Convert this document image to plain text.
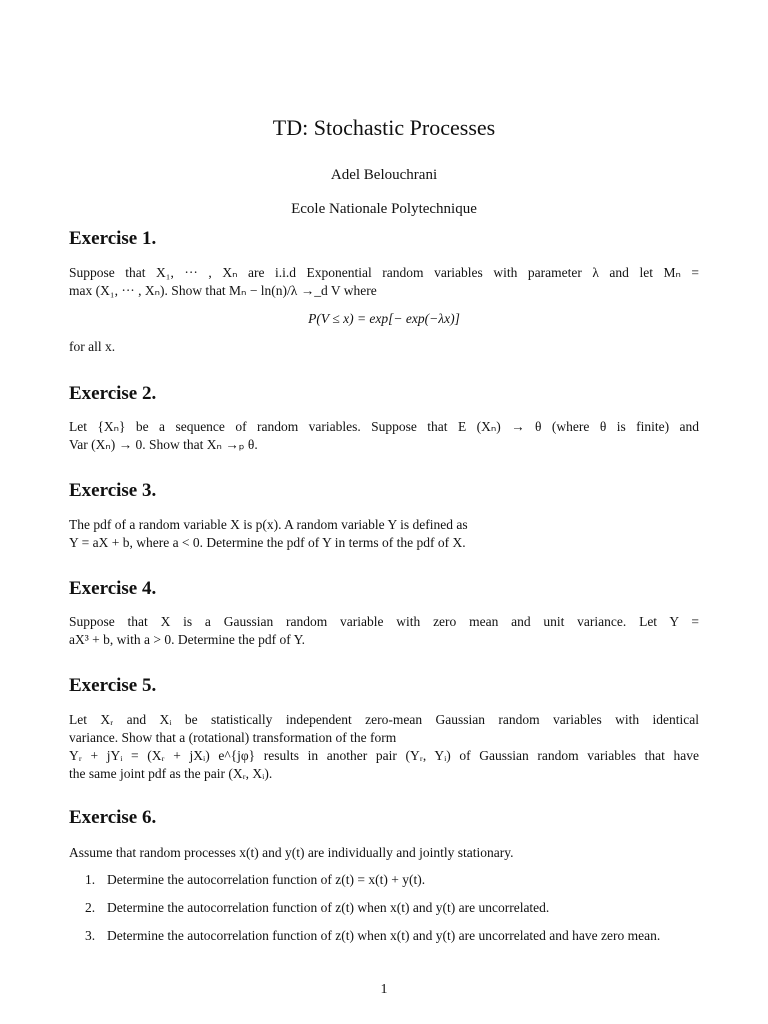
TD: Stochastic Processes
Adel Belouchrani
Ecole Nationale Polytechnique
Exercise 1.
Suppose that X₁, ··· , Xₙ are i.i.d Exponential random variables with parameter λ and let Mₙ =
max (X₁, ··· , Xₙ). Show that Mₙ − ln(n)/λ →_d V where
P(V ≤ x) = exp[− exp(−λx)]
for all x.
Exercise 2.
Let {Xₙ} be a sequence of random variables. Suppose that E (Xₙ) → θ (where θ is finite) and
Var (Xₙ) → 0. Show that Xₙ →ₚ θ.
Exercise 3.
The pdf of a random variable X is p(x). A random variable Y is defined as
Y = aX + b, where a < 0. Determine the pdf of Y in terms of the pdf of X.
Exercise 4.
Suppose that X is a Gaussian random variable with zero mean and unit variance. Let Y =
aX³ + b, with a > 0. Determine the pdf of Y.
Exercise 5.
Let Xᵣ and Xᵢ be statistically independent zero-mean Gaussian random variables with identical
variance. Show that a (rotational) transformation of the form
Yᵣ + jYᵢ = (Xᵣ + jXᵢ) e^{jφ} results in another pair (Yᵣ, Yᵢ) of Gaussian random variables that have
the same joint pdf as the pair (Xᵣ, Xᵢ).
Exercise 6.
Assume that random processes x(t) and y(t) are individually and jointly stationary.
1. Determine the autocorrelation function of z(t) = x(t) + y(t).
2. Determine the autocorrelation function of z(t) when x(t) and y(t) are uncorrelated.
3. Determine the autocorrelation function of z(t) when x(t) and y(t) are uncorrelated and have zero mean.
1
